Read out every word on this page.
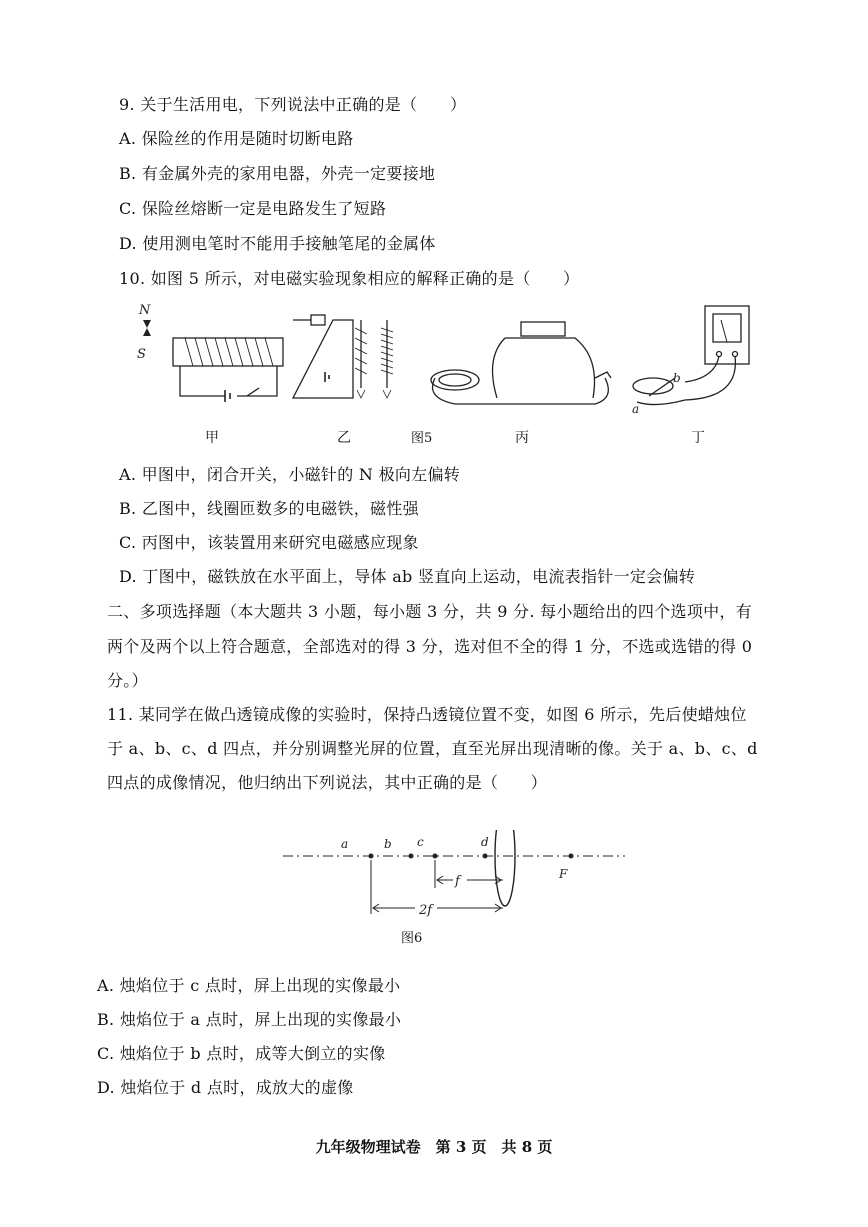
9. 关于生活用电，下列说法中正确的是（　　）
A. 保险丝的作用是随时切断电路
B. 有金属外壳的家用电器，外壳一定要接地
C. 保险丝熔断一定是电路发生了短路
D. 使用测电笔时不能用手接触笔尾的金属体
10. 如图 5 所示，对电磁实验现象相应的解释正确的是（　　）
N
S
b
a
甲	乙	图5	丙	丁
A. 甲图中，闭合开关，小磁针的 N 极向左偏转
B. 乙图中，线圈匝数多的电磁铁，磁性强
C. 丙图中，该装置用来研究电磁感应现象
D. 丁图中，磁铁放在水平面上，导体 ab 竖直向上运动，电流表指针一定会偏转
二、多项选择题（本大题共 3 小题，每小题 3 分，共 9 分. 每小题给出的四个选项中，有
两个及两个以上符合题意，全部选对的得 3 分，选对但不全的得 1 分，不选或选错的得 0
分。）
11. 某同学在做凸透镜成像的实验时，保持凸透镜位置不变，如图 6 所示，先后使蜡烛位
于 a、b、c、d 四点，并分别调整光屏的位置，直至光屏出现清晰的像。关于 a、b、c、d
四点的成像情况，他归纳出下列说法，其中正确的是（　　）
a	b c	d
F
f
2f
图6
A. 烛焰位于 c 点时，屏上出现的实像最小
B. 烛焰位于 a 点时，屏上出现的实像最小
C. 烛焰位于 b 点时，成等大倒立的实像
D. 烛焰位于 d 点时，成放大的虚像
九年级物理试卷　第 3 页　共 8 页
